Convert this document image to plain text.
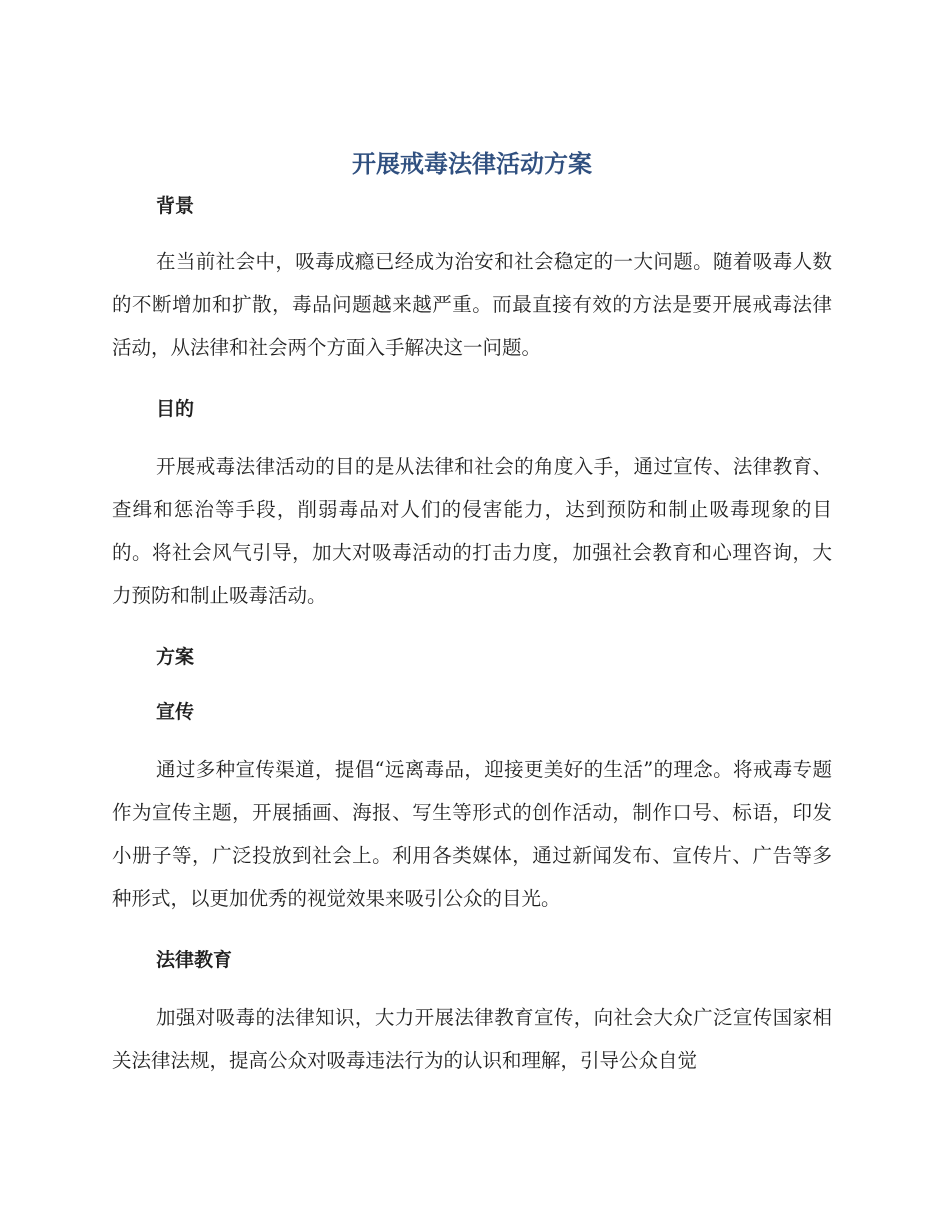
开展戒毒法律活动方案
背景

在当前社会中，吸毒成瘾已经成为治安和社会稳定的一大问题。随着吸毒人数的不断增加和扩散，毒品问题越来越严重。而最直接有效的方法是要开展戒毒法律活动，从法律和社会两个方面入手解决这一问题。

目的

开展戒毒法律活动的目的是从法律和社会的角度入手，通过宣传、法律教育、查缉和惩治等手段，削弱毒品对人们的侵害能力，达到预防和制止吸毒现象的目的。将社会风气引导，加大对吸毒活动的打击力度，加强社会教育和心理咨询，大力预防和制止吸毒活动。

方案
宣传

通过多种宣传渠道，提倡“远离毒品，迎接更美好的生活”的理念。将戒毒专题作为宣传主题，开展插画、海报、写生等形式的创作活动，制作口号、标语，印发小册子等，广泛投放到社会上。利用各类媒体，通过新闻发布、宣传片、广告等多种形式，以更加优秀的视觉效果来吸引公众的目光。

法律教育

加强对吸毒的法律知识，大力开展法律教育宣传，向社会大众广泛宣传国家相关法律法规，提高公众对吸毒违法行为的认识和理解，引导公众自觉
